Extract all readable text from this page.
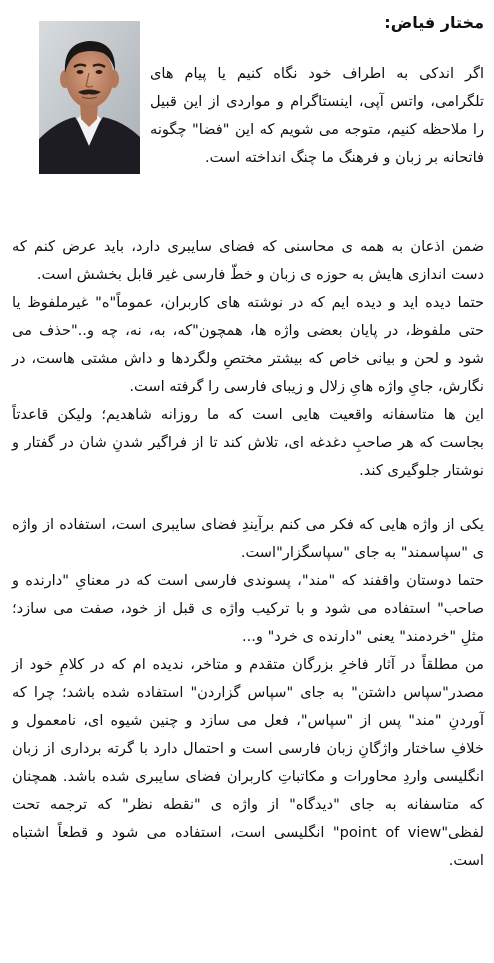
مختار فیاض:
اگر اندکی به اطراف خود نگاه کنیم یا پیام های تلگرامی، واتس آپی، اینستاگرام و مواردی از این قبیل را ملاحظه کنیم، متوجه می شویم که این "فضا" چگونه فاتحانه بر زبان و فرهنگ ما چنگ انداخته است.

ضمن اذعان به همه ی محاسنی که فضای سایبری دارد، باید عرض کنم که دست اندازی هایش به حوزه ی زبان و خطّ فارسی غیر قابل بخشش است.

حتما دیده اید و دیده ایم که در نوشته های کاربران، عموماً"ه" غیرملفوظ یا حتی ملفوظ، در پایان بعضی واژه ها، همچون"که، به، نه، چه و.."حذف می شود و لحن و بیانی خاص که بیشتر مختصِ ولگردها و داش مشتی هاست، در نگارش، جایِ واژه هایِ زلال و زیبای فارسی را گرفته است.

این ها متاسفانه واقعیت هایی است که ما روزانه شاهدیم؛ ولیکن قاعدتاً بجاست که هر صاحبِ دغدغه ای، تلاش کند تا از فراگیر شدنِ شان در گفتار و نوشتار جلوگیری کند.

یکی از واژه هایی که فکر می کنم برآیندِ فضای سایبری است، استفاده از واژه ی "سپاسمند" به جای "سپاسگزار"است.

حتما دوستان واقفند که "مند"، پسوندی فارسی است که در معنایِ "دارنده و صاحب" استفاده می شود و با ترکیب واژه ی قبل از خود، صفت می سازد؛ مثلِ "خردمند" یعنی "دارنده ی خرد" و...

من مطلقاً در آثار فاخرِ بزرگان متقدم و متاخر، ندیده ام که در کلامِ خود از مصدر"سپاس داشتن" به جای "سپاس گزاردن" استفاده شده باشد؛ چرا که آوردنِ "مند" پس از "سپاس"، فعل می سازد و چنین شیوه ای، نامعمول و خلافِ ساختار واژگانِ زبان فارسی است و احتمال دارد با گرته برداری از زبان انگلیسی واردِ محاورات و مکاتباتِ کاربران فضای سایبری شده باشد. همچنان که متاسفانه به جای "دیدگاه" از واژه ی "نقطه نظر" که ترجمه تحت لفظی"point of view" انگلیسی است، استفاده می شود و قطعاً اشتباه است.
